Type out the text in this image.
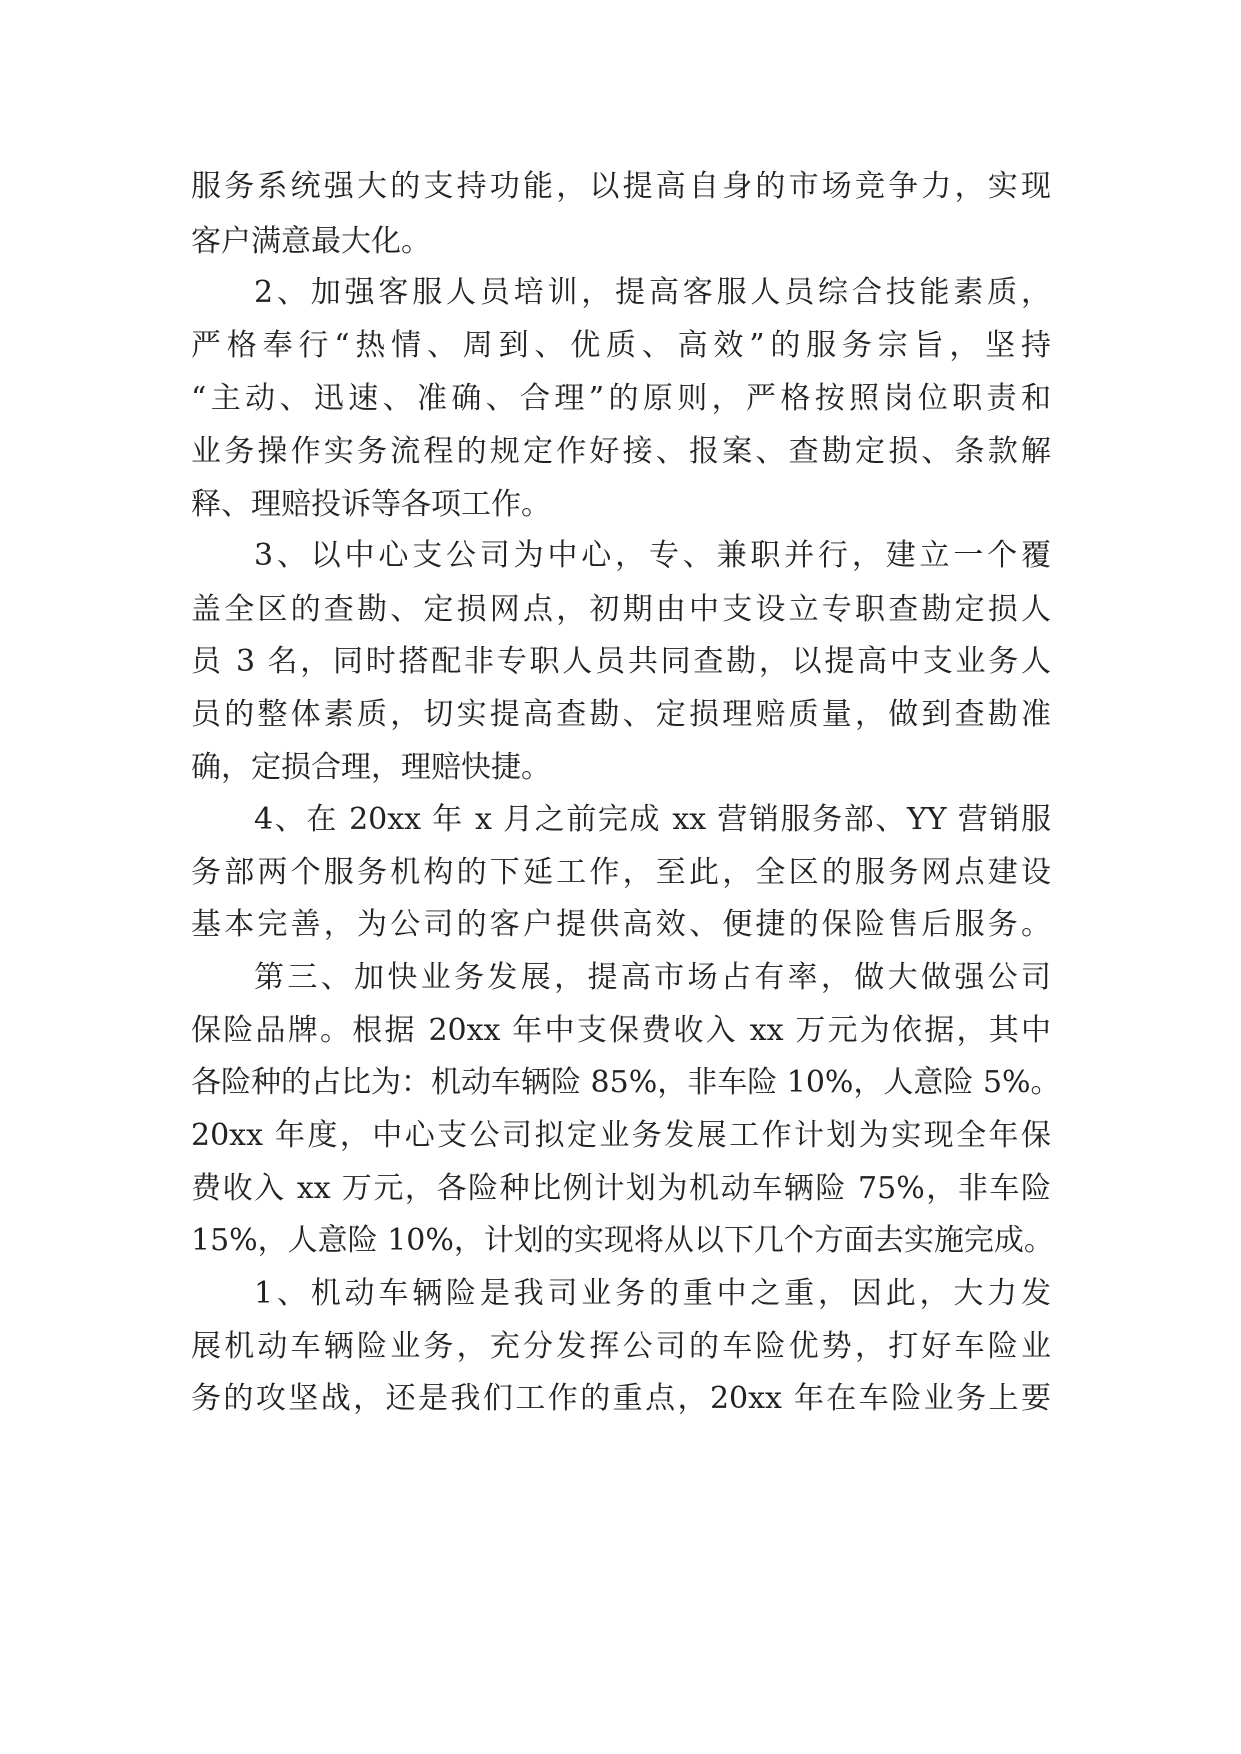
服务系统强大的支持功能，以提高自身的市场竞争力，实现
客户满意最大化。
2、加强客服人员培训，提高客服人员综合技能素质，
严格奉行“热情、周到、优质、高效”的服务宗旨，坚持
“主动、迅速、准确、合理”的原则，严格按照岗位职责和
业务操作实务流程的规定作好接、报案、查勘定损、条款解
释、理赔投诉等各项工作。
3、以中心支公司为中心，专、兼职并行，建立一个覆
盖全区的查勘、定损网点，初期由中支设立专职查勘定损人
员 3 名，同时搭配非专职人员共同查勘，以提高中支业务人
员的整体素质，切实提高查勘、定损理赔质量，做到查勘准
确，定损合理，理赔快捷。
4、在 20xx 年 x 月之前完成 xx 营销服务部、YY 营销服
务部两个服务机构的下延工作，至此，全区的服务网点建设
基本完善，为公司的客户提供高效、便捷的保险售后服务。
第三、加快业务发展，提高市场占有率，做大做强公司
保险品牌。根据 20xx 年中支保费收入 xx 万元为依据，其中
各险种的占比为：机动车辆险 85%，非车险 10%，人意险 5%。
20xx 年度，中心支公司拟定业务发展工作计划为实现全年保
费收入 xx 万元，各险种比例计划为机动车辆险 75%，非车险
15%，人意险 10%，计划的实现将从以下几个方面去实施完成。
1、机动车辆险是我司业务的重中之重，因此，大力发
展机动车辆险业务，充分发挥公司的车险优势，打好车险业
务的攻坚战，还是我们工作的重点，20xx 年在车险业务上要
